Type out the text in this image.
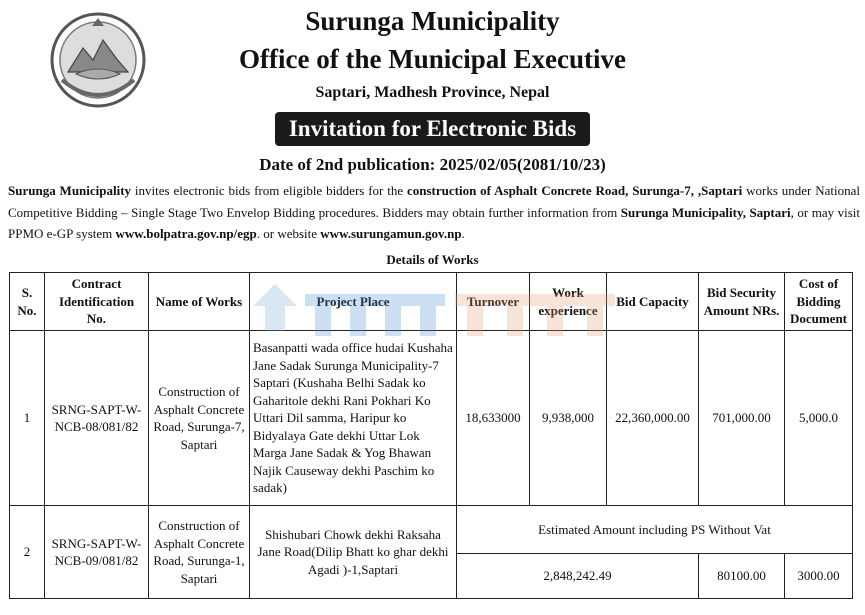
Surunga Municipality
Office of the Municipal Executive
Saptari, Madhesh Province, Nepal
Invitation for Electronic Bids
Date of 2nd publication: 2025/02/05(2081/10/23)
Surunga Municipality invites electronic bids from eligible bidders for the construction of Asphalt Concrete Road, Surunga-7, ,Saptari works under National Competitive Bidding – Single Stage Two Envelop Bidding procedures. Bidders may obtain further information from Surunga Municipality, Saptari, or may visit PPMO e-GP system www.bolpatra.gov.np/egp. or website www.surungamun.gov.np.
Details of Works
S. No.	Contract Identification No.	Name of Works	Project Place	Turnover	Work experience	Bid Capacity	Bid Security Amount NRs.	Cost of Bidding Document
1	SRNG-SAPT-W-NCB-08/081/82	Construction of Asphalt Concrete Road, Surunga-7, Saptari	Basanpatti wada office hudai Kushaha Jane Sadak Surunga Municipality-7 Saptari (Kushaha Belhi Sadak ko Gaharitole dekhi Rani Pokhari Ko Uttari Dil samma, Haripur ko Bidyalaya Gate dekhi Uttar Lok Marga Jane Sadak & Yog Bhawan Najik Causeway dekhi Paschim ko sadak)	18,633000	9,938,000	22,360,000.00	701,000.00	5,000.0
2	SRNG-SAPT-W-NCB-09/081/82	Construction of Asphalt Concrete Road, Surunga-1, Saptari	Shishubari Chowk dekhi Raksaha Jane Road(Dilip Bhatt ko ghar dekhi Agadi )-1,Saptari	Estimated Amount including PS Without Vat				
				2,848,242.49			80100.00	3000.00
